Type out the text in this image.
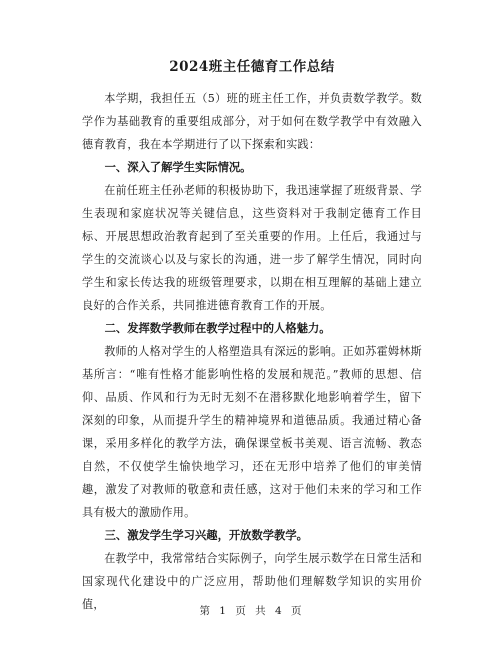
2024班主任德育工作总结

本学期，我担任五（5）班的班主任工作，并负责数学教学。数学作为基础教育的重要组成部分，对于如何在数学教学中有效融入德育教育，我在本学期进行了以下探索和实践：

一、深入了解学生实际情况。

在前任班主任孙老师的积极协助下，我迅速掌握了班级背景、学生表现和家庭状况等关键信息，这些资料对于我制定德育工作目标、开展思想政治教育起到了至关重要的作用。上任后，我通过与学生的交流谈心以及与家长的沟通，进一步了解学生情况，同时向学生和家长传达我的班级管理要求，以期在相互理解的基础上建立良好的合作关系，共同推进德育教育工作的开展。

二、发挥数学教师在教学过程中的人格魅力。

教师的人格对学生的人格塑造具有深远的影响。正如苏霍姆林斯基所言：“唯有性格才能影响性格的发展和规范。”教师的思想、信仰、品质、作风和行为无时无刻不在潜移默化地影响着学生，留下深刻的印象，从而提升学生的精神境界和道德品质。我通过精心备课，采用多样化的教学方法，确保课堂板书美观、语言流畅、教态自然，不仅使学生愉快地学习，还在无形中培养了他们的审美情趣，激发了对教师的敬意和责任感，这对于他们未来的学习和工作具有极大的激励作用。

三、激发学生学习兴趣，开放数学教学。

在教学中，我常常结合实际例子，向学生展示数学在日常生活和国家现代化建设中的广泛应用，帮助他们理解数学知识的实用价值，	第 1 页 共 4 页
